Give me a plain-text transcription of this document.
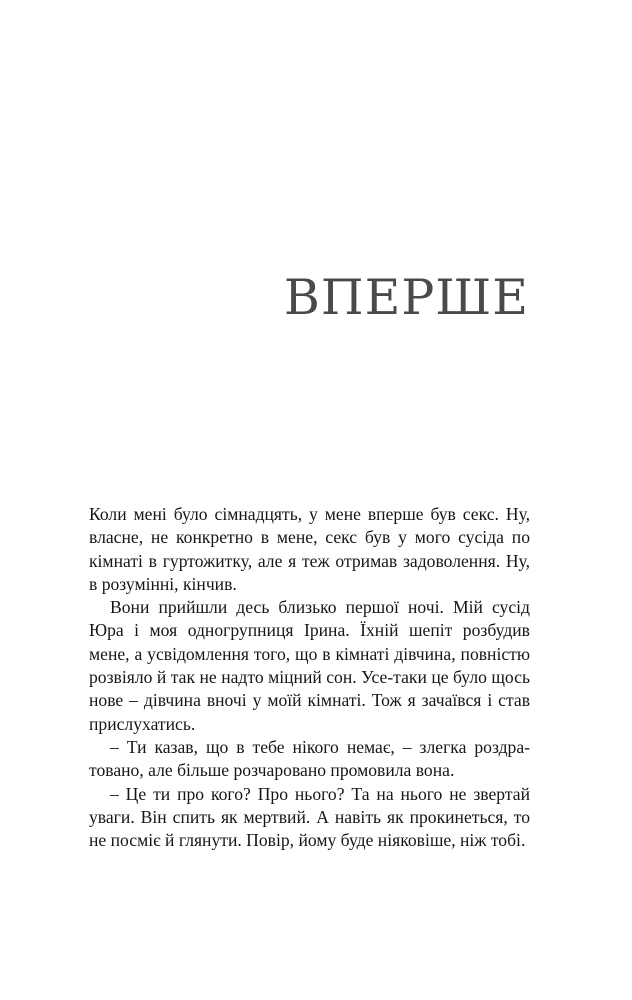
ВПЕРШЕ

Коли мені було сімнадцять, у мене вперше був секс. Ну, власне, не конкретно в мене, секс був у мого сусіда по кімнаті в гуртожитку, але я теж отримав задоволення. Ну, в розумінні, кінчив.

Вони прийшли десь близько першої ночі. Мій сусід Юра і моя одногрупниця Ірина. Їхній шепіт розбудив мене, а усвідомлення того, що в кімнаті дівчина, повністю розвіяло й так не надто міцний сон. Усе-таки це було щось нове – дівчина вночі у моїй кімнаті. Тож я зачаївся і став прислухатись.

– Ти казав, що в тебе нікого немає, – злегка роздратовано, але більше розчаровано промовила вона.

– Це ти про кого? Про нього? Та на нього не звертай уваги. Він спить як мертвий. А навіть як прокинеться, то не посміє й глянути. Повір, йому буде ніяковіше, ніж тобі.
